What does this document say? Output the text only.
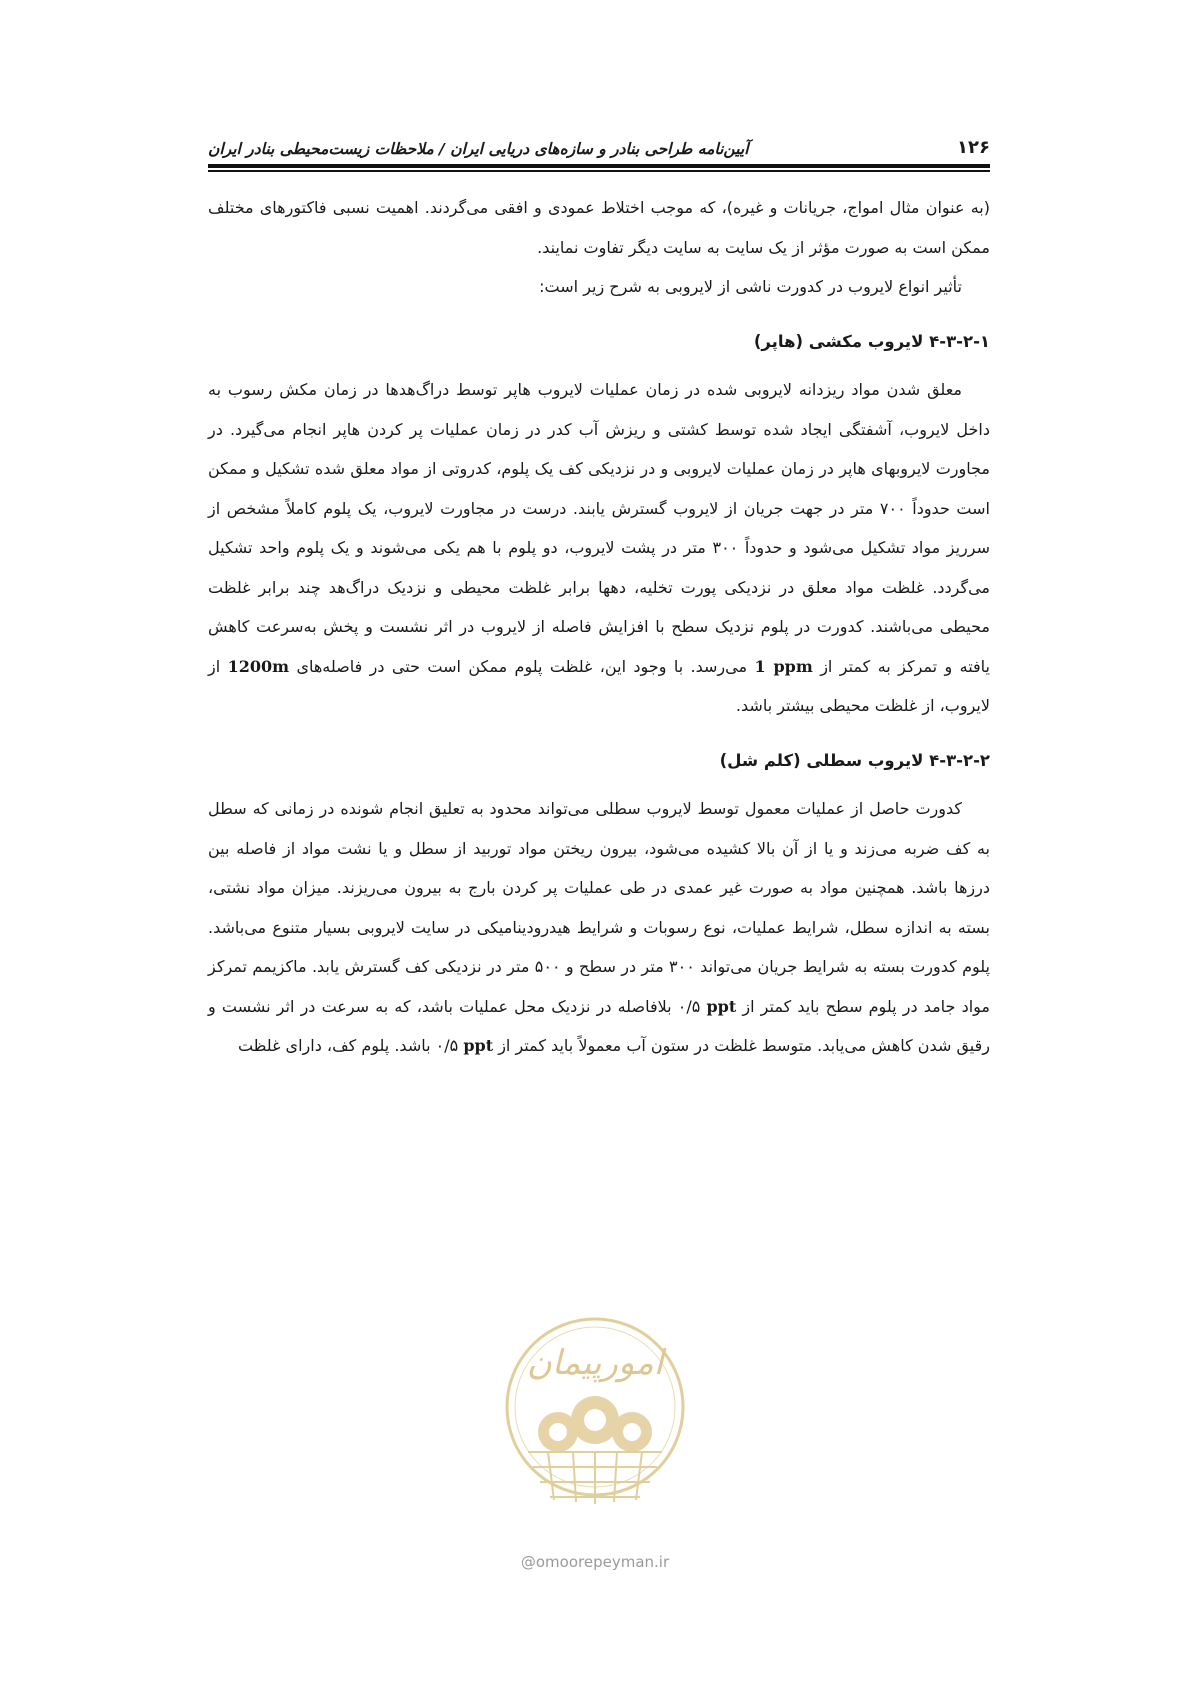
۱۲۶
آیین‌نامه طراحی بنادر و سازه‌های دریایی ایران / ملاحظات زیست‌محیطی بنادر ایران

(به عنوان مثال امواج، جریانات و غیره)، که موجب اختلاط عمودی و افقی می‌گردند. اهمیت نسبی فاکتورهای مختلف ممکن است به صورت مؤثر از یک سایت به سایت دیگر تفاوت نمایند.

تأثیر انواع لایروب در کدورت ناشی از لایروبی به شرح زیر است:

۴-۳-۲-۱ لایروب مکشی (هاپر)

معلق شدن مواد ریزدانه لایروبی شده در زمان عملیات لایروب هاپر توسط دراگ‌هدها در زمان مکش رسوب به داخل لایروب، آشفتگی ایجاد شده توسط کشتی و ریزش آب کدر در زمان عملیات پر کردن هاپر انجام می‌گیرد. در مجاورت لایروبهای هاپر در زمان عملیات لایروبی و در نزدیکی کف یک پلوم، کدروتی از مواد معلق شده تشکیل و ممکن است حدوداً ۷۰۰ متر در جهت جریان از لایروب گسترش یابند. درست در مجاورت لایروب، یک پلوم کاملاً مشخص از سرریز مواد تشکیل می‌شود و حدوداً ۳۰۰ متر در پشت لایروب، دو پلوم با هم یکی می‌شوند و یک پلوم واحد تشکیل می‌گردد. غلظت مواد معلق در نزدیکی پورت تخلیه، دهها برابر غلظت محیطی و نزدیک دراگ‌هد چند برابر غلظت محیطی می‌باشند. کدورت در پلوم نزدیک سطح با افزایش فاصله از لایروب در اثر نشست و پخش به‌سرعت کاهش یافته و تمرکز به کمتر از 1 ppm می‌رسد. با وجود این، غلظت پلوم ممکن است حتی در فاصله‌های 1200m از لایروب، از غلظت محیطی بیشتر باشد.

۴-۳-۲-۲ لایروب سطلی (کلم شل)

کدورت حاصل از عملیات معمول توسط لایروب سطلی می‌تواند محدود به تعلیق انجام شونده در زمانی که سطل به کف ضربه می‌زند و یا از آن بالا کشیده می‌شود، بیرون ریختن مواد توربید از سطل و یا نشت مواد از فاصله بین درزها باشد. همچنین مواد به صورت غیر عمدی در طی عملیات پر کردن بارج به بیرون می‌ریزند. میزان مواد نشتی، بسته به اندازه سطل، شرایط عملیات، نوع رسوبات و شرایط هیدرودینامیکی در سایت لایروبی بسیار متنوع می‌باشد. پلوم کدورت بسته به شرایط جریان می‌تواند ۳۰۰ متر در سطح و ۵۰۰ متر در نزدیکی کف گسترش یابد. ماکزیمم تمرکز مواد جامد در پلوم سطح باید کمتر از ppt ۰/۵ بلافاصله در نزدیک محل عملیات باشد، که به سرعت در اثر نشست و رقیق شدن کاهش می‌یابد. متوسط غلظت در ستون آب معمولاً باید کمتر از ppt ۰/۵ باشد. پلوم کف، دارای غلظت

امورپیمان
@omoorepeyman.ir
